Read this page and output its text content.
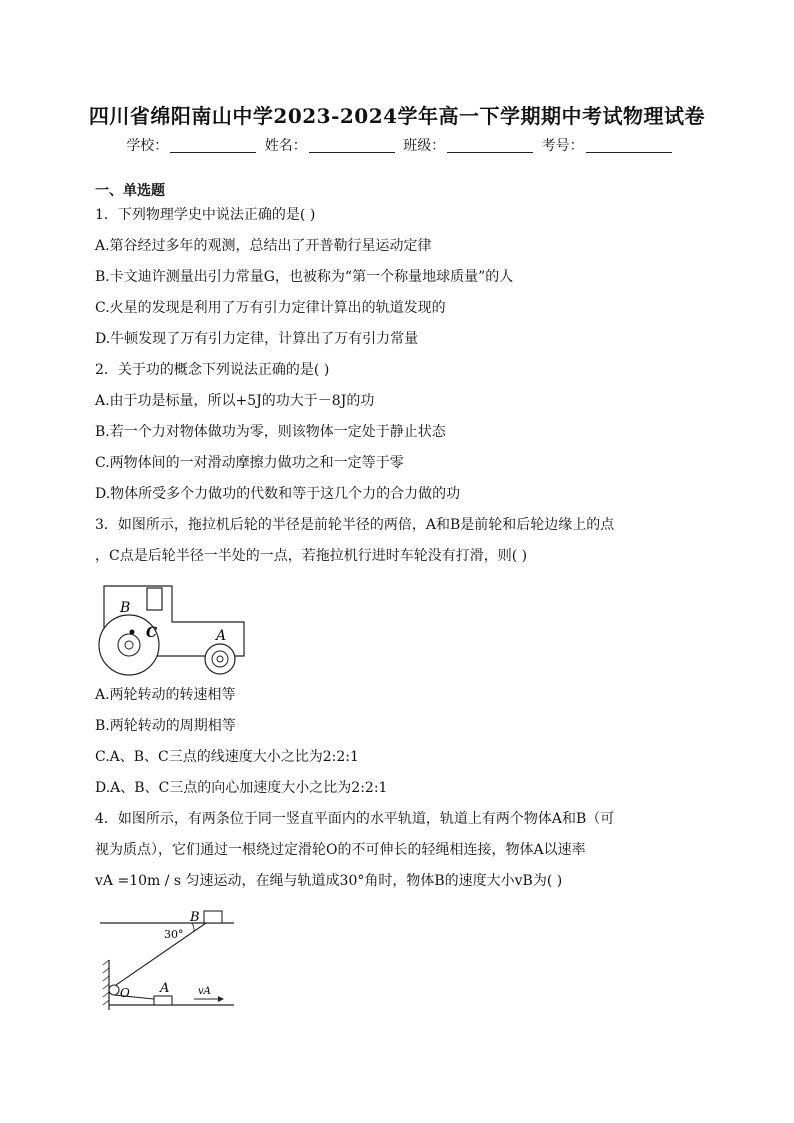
四川省绵阳南山中学2023-2024学年高一下学期期中考试物理试卷
学校：	姓名：	班级：	考号：
一、单选题
1．下列物理学史中说法正确的是( )
A.第谷经过多年的观测，总结出了开普勒行星运动定律
B.卡文迪许测量出引力常量G，也被称为“第一个称量地球质量”的人
C.火星的发现是利用了万有引力定律计算出的轨道发现的
D.牛顿发现了万有引力定律，计算出了万有引力常量
2．关于功的概念下列说法正确的是( )
A.由于功是标量，所以+5J的功大于－8J的功
B.若一个力对物体做功为零，则该物体一定处于静止状态
C.两物体间的一对滑动摩擦力做功之和一定等于零
D.物体所受多个力做功的代数和等于这几个力的合力做的功
3．如图所示，拖拉机后轮的半径是前轮半径的两倍，A和B是前轮和后轮边缘上的点
，C点是后轮半径一半处的一点，若拖拉机行进时车轮没有打滑，则( )
B
C	A
A.两轮转动的转速相等
B.两轮转动的周期相等
C.A、B、C三点的线速度大小之比为2:2:1
D.A、B、C三点的向心加速度大小之比为2:2:1
4．如图所示，有两条位于同一竖直平面内的水平轨道，轨道上有两个物体A和B（可
视为质点），它们通过一根绕过定滑轮O的不可伸长的轻绳相连接，物体A以速率
vA =10m / s 匀速运动，在绳与轨道成30°角时，物体B的速度大小vB为( )
B
30°
O A	vA
